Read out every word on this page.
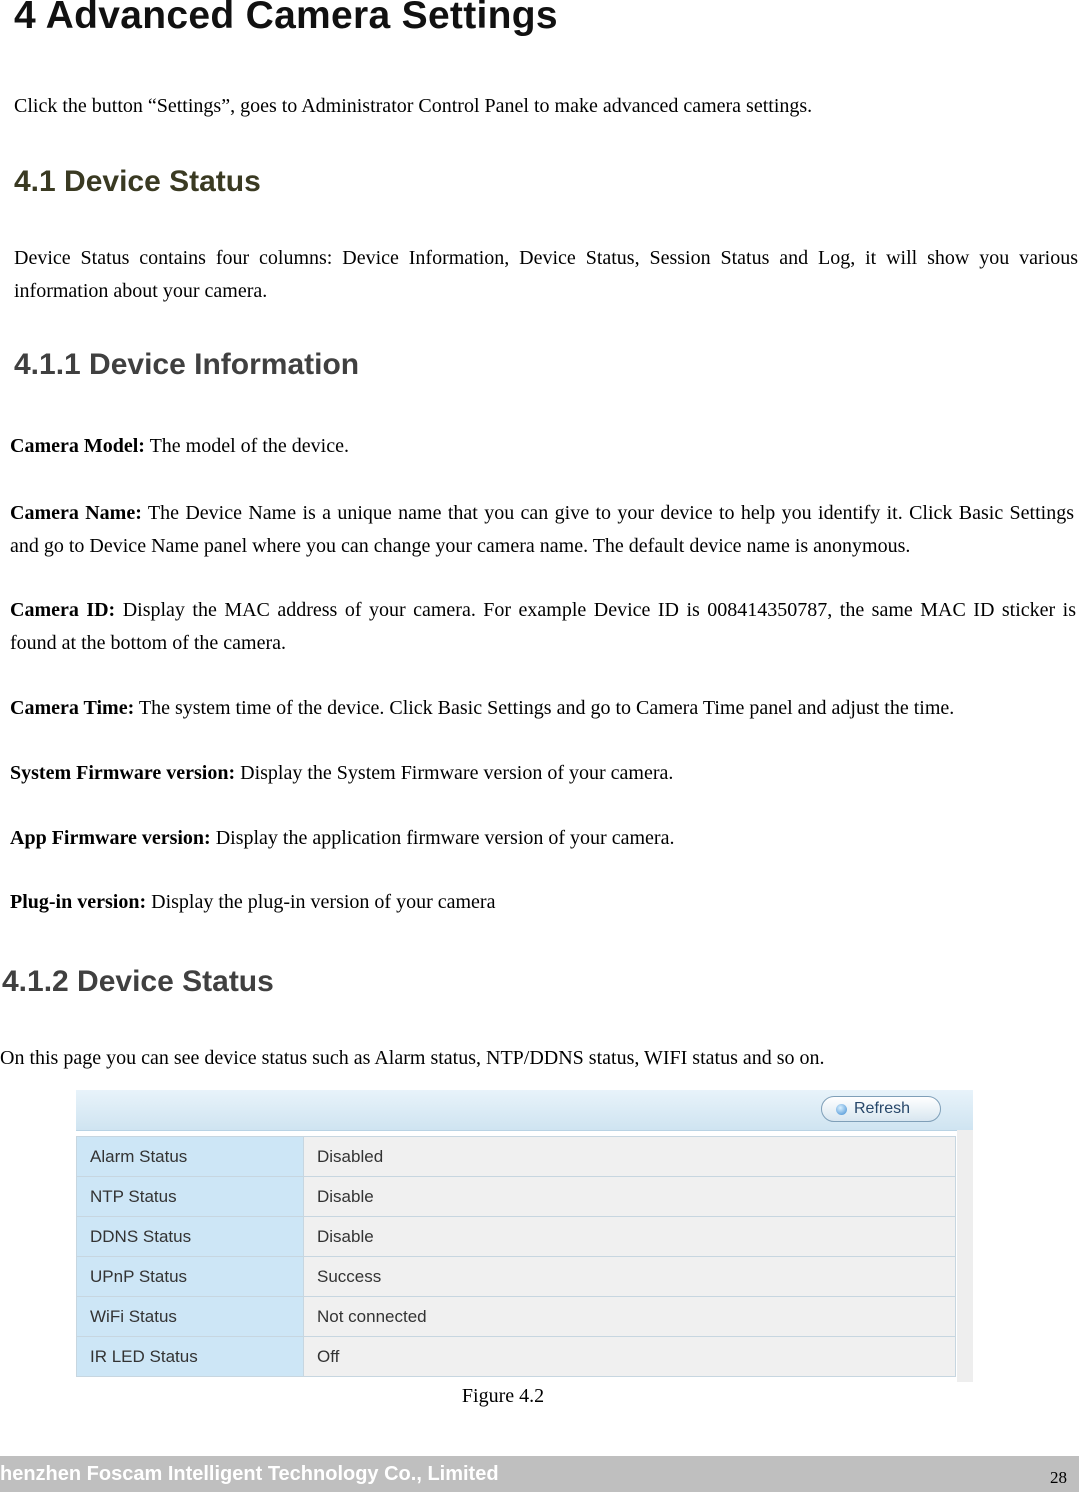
4 Advanced Camera Settings

Click the button “Settings”, goes to Administrator Control Panel to make advanced camera settings.

4.1 Device Status

Device Status contains four columns: Device Information, Device Status, Session Status and Log, it will show you various information about your camera.

4.1.1 Device Information

Camera Model: The model of the device.

Camera Name: The Device Name is a unique name that you can give to your device to help you identify it. Click Basic Settings and go to Device Name panel where you can change your camera name. The default device name is anonymous.

Camera ID: Display the MAC address of your camera. For example Device ID is 008414350787, the same MAC ID sticker is found at the bottom of the camera.

Camera Time: The system time of the device. Click Basic Settings and go to Camera Time panel and adjust the time.

System Firmware version: Display the System Firmware version of your camera.

App Firmware version: Display the application firmware version of your camera.

Plug-in version: Display the plug-in version of your camera

4.1.2 Device Status

On this page you can see device status such as Alarm status, NTP/DDNS status, WIFI status and so on.

Refresh
Alarm Status	Disabled
NTP Status	Disable
DDNS Status	Disable
UPnP Status	Success
WiFi Status	Not connected
IR LED Status	Off
Figure 4.2
henzhen Foscam Intelligent Technology Co., Limited	28
